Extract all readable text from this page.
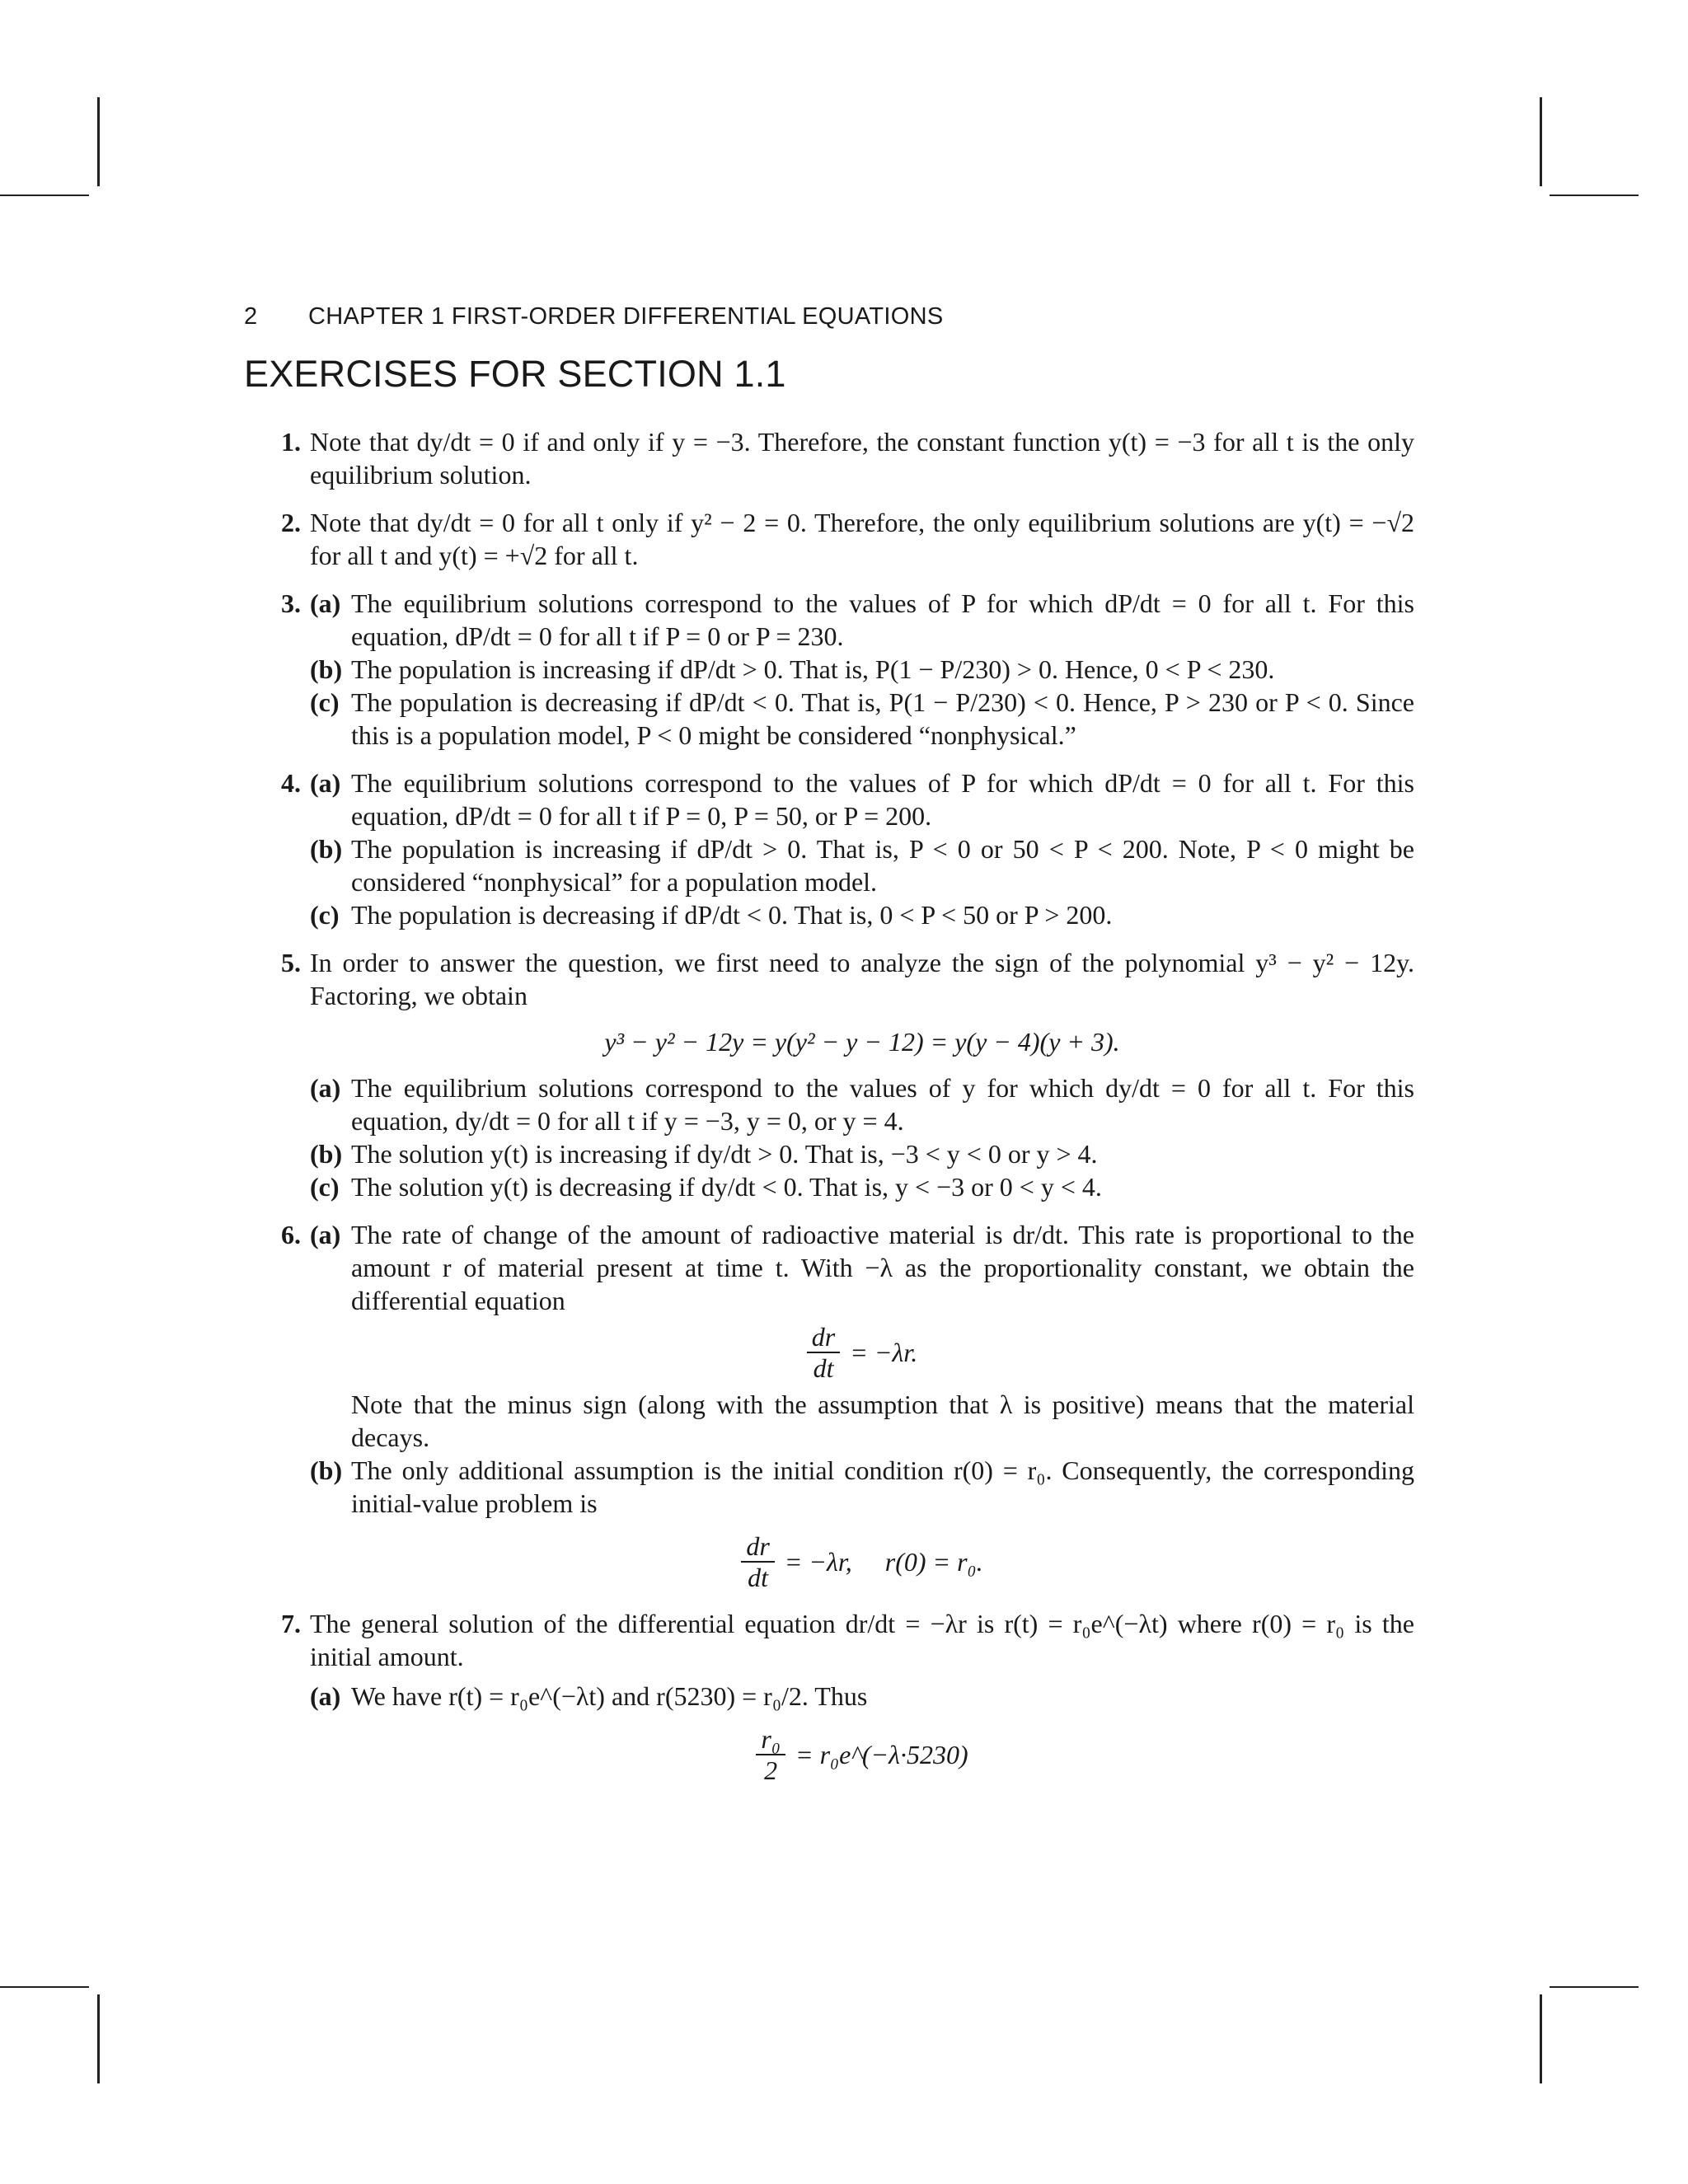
2 CHAPTER 1 FIRST-ORDER DIFFERENTIAL EQUATIONS
EXERCISES FOR SECTION 1.1
1. Note that dy/dt = 0 if and only if y = −3. Therefore, the constant function y(t) = −3 for all t is the only equilibrium solution.
2. Note that dy/dt = 0 for all t only if y² − 2 = 0. Therefore, the only equilibrium solutions are y(t) = −√2 for all t and y(t) = +√2 for all t.
3. (a) The equilibrium solutions correspond to the values of P for which dP/dt = 0 for all t. For this equation, dP/dt = 0 for all t if P = 0 or P = 230.
(b) The population is increasing if dP/dt > 0. That is, P(1 − P/230) > 0. Hence, 0 < P < 230.
(c) The population is decreasing if dP/dt < 0. That is, P(1 − P/230) < 0. Hence, P > 230 or P < 0. Since this is a population model, P < 0 might be considered “nonphysical.”
4. (a) The equilibrium solutions correspond to the values of P for which dP/dt = 0 for all t. For this equation, dP/dt = 0 for all t if P = 0, P = 50, or P = 200.
(b) The population is increasing if dP/dt > 0. That is, P < 0 or 50 < P < 200. Note, P < 0 might be considered “nonphysical” for a population model.
(c) The population is decreasing if dP/dt < 0. That is, 0 < P < 50 or P > 200.
5. In order to answer the question, we first need to analyze the sign of the polynomial y³ − y² − 12y. Factoring, we obtain
y³ − y² − 12y = y(y² − y − 12) = y(y − 4)(y + 3).
(a) The equilibrium solutions correspond to the values of y for which dy/dt = 0 for all t. For this equation, dy/dt = 0 for all t if y = −3, y = 0, or y = 4.
(b) The solution y(t) is increasing if dy/dt > 0. That is, −3 < y < 0 or y > 4.
(c) The solution y(t) is decreasing if dy/dt < 0. That is, y < −3 or 0 < y < 4.
6. (a) The rate of change of the amount of radioactive material is dr/dt. This rate is proportional to the amount r of material present at time t. With −λ as the proportionality constant, we obtain the differential equation
$\frac{dr}{dt} = -\lambda r$.
Note that the minus sign (along with the assumption that λ is positive) means that the material decays.
(b) The only additional assumption is the initial condition r(0) = r₀. Consequently, the corresponding initial-value problem is
$\frac{dr}{dt} = -\lambda r$,     r(0) = r₀.
7. The general solution of the differential equation dr/dt = −λr is r(t) = r₀e^(−λt) where r(0) = r₀ is the initial amount.
(a) We have r(t) = r₀e^(−λt) and r(5230) = r₀/2. Thus
$\frac{\text{r₀}}{2}$ = r₀e^(−λ·5230)
